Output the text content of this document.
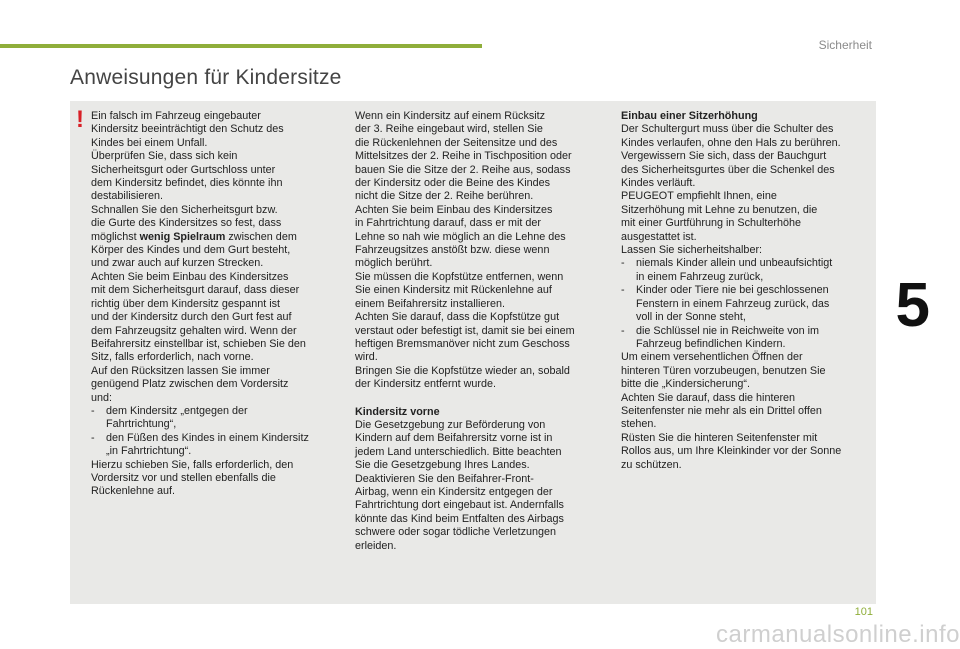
Sicherheit
5
Anweisungen für Kindersitze
! Ein falsch im Fahrzeug eingebauter

Kindersitz beeinträchtigt den Schutz des

Kindes bei einem Unfall.

Überprüfen Sie, dass sich kein

Sicherheitsgurt oder Gurtschloss unter

dem Kindersitz befindet, dies könnte ihn

destabilisieren.

Schnallen Sie den Sicherheitsgurt bzw.

die Gurte des Kindersitzes so fest, dass

möglichst wenig Spielraum zwischen dem

Körper des Kindes und dem Gurt besteht,

und zwar auch auf kurzen Strecken.

Achten Sie beim Einbau des Kindersitzes

mit dem Sicherheitsgurt darauf, dass dieser

richtig über dem Kindersitz gespannt ist

und der Kindersitz durch den Gurt fest auf

dem Fahrzeugsitz gehalten wird. Wenn der

Beifahrersitz einstellbar ist, schieben Sie den

Sitz, falls erforderlich, nach vorne.

Auf den Rücksitzen lassen Sie immer

genügend Platz zwischen dem Vordersitz

und:

-	dem Kindersitz „entgegen der
Fahrtrichtung“,
-	den Füßen des Kindes in einem Kindersitz
„in Fahrtrichtung“.

Hierzu schieben Sie, falls erforderlich, den

Vordersitz vor und stellen ebenfalls die

Rückenlehne auf.

Wenn ein Kindersitz auf einem Rücksitz

der 3. Reihe eingebaut wird, stellen Sie

die Rückenlehnen der Seitensitze und des

Mittelsitzes der 2. Reihe in Tischposition oder

bauen Sie die Sitze der 2. Reihe aus, sodass

der Kindersitz oder die Beine des Kindes

nicht die Sitze der 2. Reihe berühren.

Achten Sie beim Einbau des Kindersitzes

in Fahrtrichtung darauf, dass er mit der

Lehne so nah wie möglich an die Lehne des

Fahrzeugsitzes anstößt bzw. diese wenn

möglich berührt.

Sie müssen die Kopfstütze entfernen, wenn

Sie einen Kindersitz mit Rückenlehne auf

einem Beifahrersitz installieren.

Achten Sie darauf, dass die Kopfstütze gut

verstaut oder befestigt ist, damit sie bei einem

heftigen Bremsmanöver nicht zum Geschoss

wird.

Bringen Sie die Kopfstütze wieder an, sobald

der Kindersitz entfernt wurde.

Kindersitz vorne

Die Gesetzgebung zur Beförderung von

Kindern auf dem Beifahrersitz vorne ist in

jedem Land unterschiedlich. Bitte beachten

Sie die Gesetzgebung Ihres Landes.

Deaktivieren Sie den Beifahrer-Front-

Airbag, wenn ein Kindersitz entgegen der

Fahrtrichtung dort eingebaut ist. Andernfalls

könnte das Kind beim Entfalten des Airbags

schwere oder sogar tödliche Verletzungen

erleiden.

Einbau einer Sitzerhöhung

Der Schultergurt muss über die Schulter des

Kindes verlaufen, ohne den Hals zu berühren.

Vergewissern Sie sich, dass der Bauchgurt

des Sicherheitsgurtes über die Schenkel des

Kindes verläuft.

PEUGEOT empfiehlt Ihnen, eine

Sitzerhöhung mit Lehne zu benutzen, die

mit einer Gurtführung in Schulterhöhe

ausgestattet ist.

Lassen Sie sicherheitshalber:

-	niemals Kinder allein und unbeaufsichtigt
in einem Fahrzeug zurück,
-	Kinder oder Tiere nie bei geschlossenen
Fenstern in einem Fahrzeug zurück, das
voll in der Sonne steht,
-	die Schlüssel nie in Reichweite von im
Fahrzeug befindlichen Kindern.

Um einem versehentlichen Öffnen der

hinteren Türen vorzubeugen, benutzen Sie

bitte die „Kindersicherung“.

Achten Sie darauf, dass die hinteren

Seitenfenster nie mehr als ein Drittel offen

stehen.

Rüsten Sie die hinteren Seitenfenster mit

Rollos aus, um Ihre Kleinkinder vor der Sonne

zu schützen.

101
carmanualsonline.info
